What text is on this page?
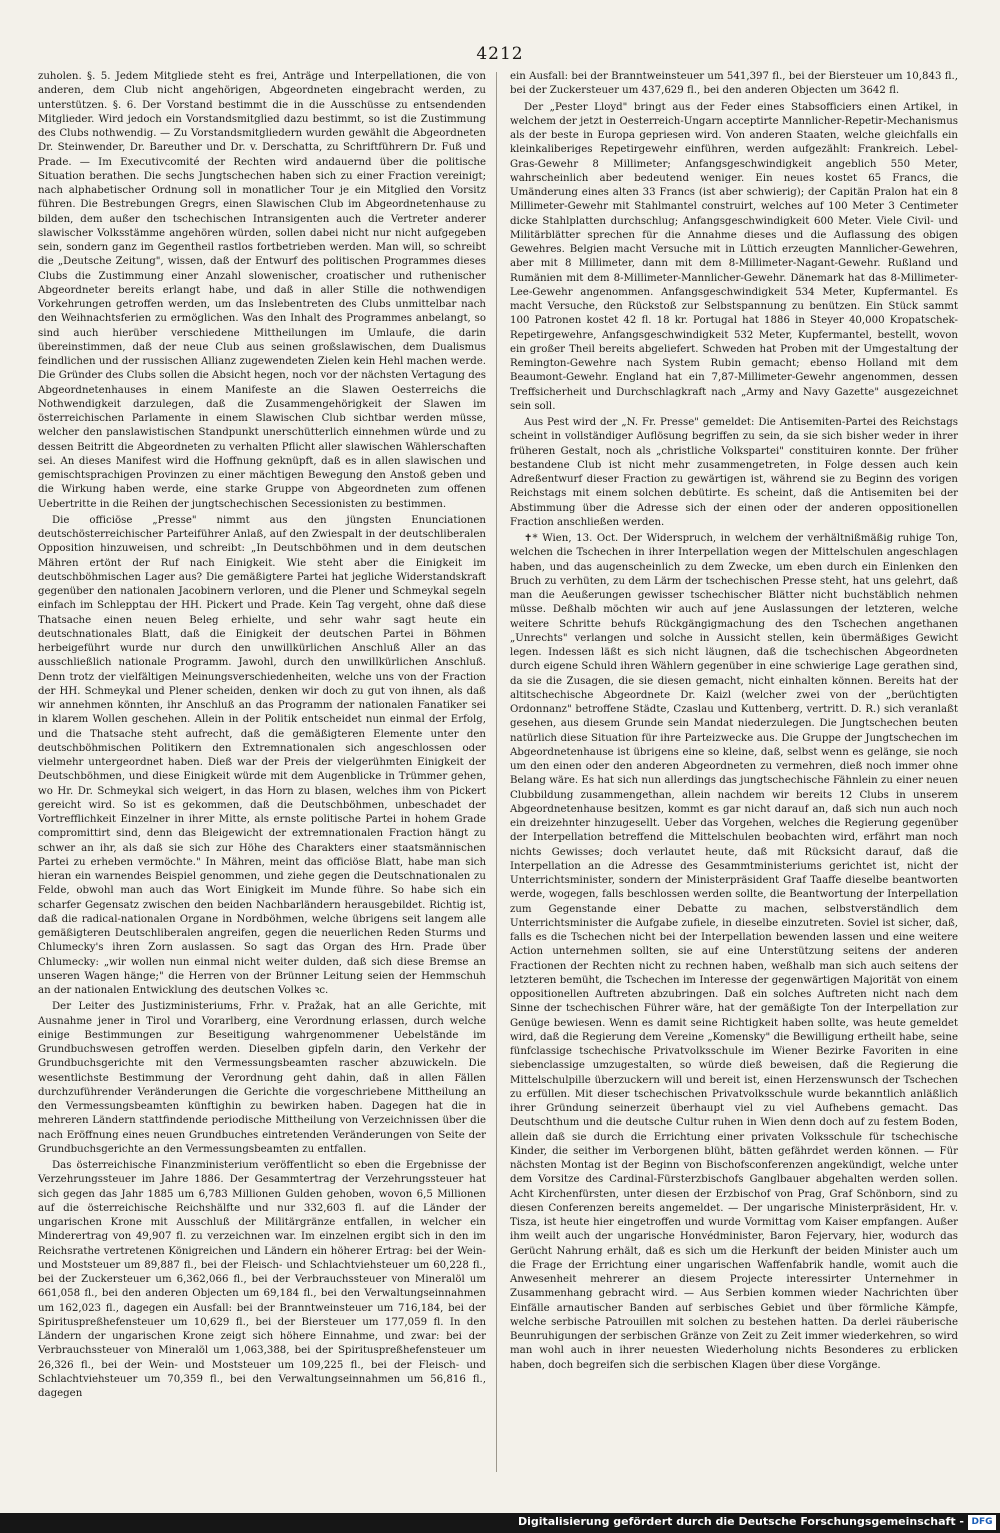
4212

zuholen. §. 5. Jedem Mitgliede steht es frei, Anträge und Interpellationen, die von anderen, dem Club nicht angehörigen, Abgeordneten eingebracht werden, zu unterstützen. §. 6. Der Vorstand bestimmt die in die Ausschüsse zu entsendenden Mitglieder. Wird jedoch ein Vorstandsmitglied dazu bestimmt, so ist die Zustimmung des Clubs nothwendig. — Zu Vorstandsmitgliedern wurden gewählt die Abgeordneten Dr. Steinwender, Dr. Bareuther und Dr. v. Derschatta, zu Schriftführern Dr. Fuß und Prade. — Im Executivcomité der Rechten wird andauernd über die politische Situation berathen. Die sechs Jungtschechen haben sich zu einer Fraction vereinigt; nach alphabetischer Ordnung soll in monatlicher Tour je ein Mitglied den Vorsitz führen. Die Bestrebungen Gregrs, einen Slawischen Club im Abgeordnetenhause zu bilden, dem außer den tschechischen Intransigenten auch die Vertreter anderer slawischer Volksstämme angehören würden, sollen dabei nicht nur nicht aufgegeben sein, sondern ganz im Gegentheil rastlos fortbetrieben werden. Man will, so schreibt die „Deutsche Zeitung", wissen, daß der Entwurf des politischen Programmes dieses Clubs die Zustimmung einer Anzahl slowenischer, croatischer und ruthenischer Abgeordneter bereits erlangt habe, und daß in aller Stille die nothwendigen Vorkehrungen getroffen werden, um das Inslebentreten des Clubs unmittelbar nach den Weihnachtsferien zu ermöglichen. Was den Inhalt des Programmes anbelangt, so sind auch hierüber verschiedene Mittheilungen im Umlaufe, die darin übereinstimmen, daß der neue Club aus seinen großslawischen, dem Dualismus feindlichen und der russischen Allianz zugewendeten Zielen kein Hehl machen werde. Die Gründer des Clubs sollen die Absicht hegen, noch vor der nächsten Vertagung des Abgeordnetenhauses in einem Manifeste an die Slawen Oesterreichs die Nothwendigkeit darzulegen, daß die Zusammengehörigkeit der Slawen im österreichischen Parlamente in einem Slawischen Club sichtbar werden müsse, welcher den panslawistischen Standpunkt unerschütterlich einnehmen würde und zu dessen Beitritt die Abgeordneten zu verhalten Pflicht aller slawischen Wählerschaften sei. An dieses Manifest wird die Hoffnung geknüpft, daß es in allen slawischen und gemischtsprachigen Provinzen zu einer mächtigen Bewegung den Anstoß geben und die Wirkung haben werde, eine starke Gruppe von Abgeordneten zum offenen Uebertritte in die Reihen der jungtschechischen Secessionisten zu bestimmen.

Die officiöse „Presse" nimmt aus den jüngsten Enunciationen deutschösterreichischer Parteiführer Anlaß, auf den Zwiespalt in der deutschliberalen Opposition hinzuweisen, und schreibt: „In Deutschböhmen und in dem deutschen Mähren ertönt der Ruf nach Einigkeit. Wie steht aber die Einigkeit im deutschböhmischen Lager aus? Die gemäßigtere Partei hat jegliche Widerstandskraft gegenüber den nationalen Jacobinern verloren, und die Plener und Schmeykal segeln einfach im Schlepptau der HH. Pickert und Prade. Kein Tag vergeht, ohne daß diese Thatsache einen neuen Beleg erhielte, und sehr wahr sagt heute ein deutschnationales Blatt, daß die Einigkeit der deutschen Partei in Böhmen herbeigeführt wurde nur durch den unwillkürlichen Anschluß Aller an das ausschließlich nationale Programm. Jawohl, durch den unwillkürlichen Anschluß. Denn trotz der vielfältigen Meinungsverschiedenheiten, welche uns von der Fraction der HH. Schmeykal und Plener scheiden, denken wir doch zu gut von ihnen, als daß wir annehmen könnten, ihr Anschluß an das Programm der nationalen Fanatiker sei in klarem Wollen geschehen. Allein in der Politik entscheidet nun einmal der Erfolg, und die Thatsache steht aufrecht, daß die gemäßigteren Elemente unter den deutschböhmischen Politikern den Extremnationalen sich angeschlossen oder vielmehr untergeordnet haben. Dieß war der Preis der vielgerühmten Einigkeit der Deutschböhmen, und diese Einigkeit würde mit dem Augenblicke in Trümmer gehen, wo Hr. Dr. Schmeykal sich weigert, in das Horn zu blasen, welches ihm von Pickert gereicht wird. So ist es gekommen, daß die Deutschböhmen, unbeschadet der Vortrefflichkeit Einzelner in ihrer Mitte, als ernste politische Partei in hohem Grade compromittirt sind, denn das Bleigewicht der extremnationalen Fraction hängt zu schwer an ihr, als daß sie sich zur Höhe des Charakters einer staatsmännischen Partei zu erheben vermöchte." In Mähren, meint das officiöse Blatt, habe man sich hieran ein warnendes Beispiel genommen, und ziehe gegen die Deutschnationalen zu Felde, obwohl man auch das Wort Einigkeit im Munde führe. So habe sich ein scharfer Gegensatz zwischen den beiden Nachbarländern herausgebildet. Richtig ist, daß die radical-nationalen Organe in Nordböhmen, welche übrigens seit langem alle gemäßigteren Deutschliberalen angreifen, gegen die neuerlichen Reden Sturms und Chlumecky's ihren Zorn auslassen. So sagt das Organ des Hrn. Prade über Chlumecky: „wir wollen nun einmal nicht weiter dulden, daß sich diese Bremse an unseren Wagen hänge;" die Herren von der Brünner Leitung seien der Hemmschuh an der nationalen Entwicklung des deutschen Volkes ꝛc.

Der Leiter des Justizministeriums, Frhr. v. Pražak, hat an alle Gerichte, mit Ausnahme jener in Tirol und Vorarlberg, eine Verordnung erlassen, durch welche einige Bestimmungen zur Beseitigung wahrgenommener Uebelstände im Grundbuchswesen getroffen werden. Dieselben gipfeln darin, den Verkehr der Grundbuchsgerichte mit den Vermessungsbeamten rascher abzuwickeln. Die wesentlichste Bestimmung der Verordnung geht dahin, daß in allen Fällen durchzuführender Veränderungen die Gerichte die vorgeschriebene Mittheilung an den Vermessungsbeamten künftighin zu bewirken haben. Dagegen hat die in mehreren Ländern stattfindende periodische Mittheilung von Verzeichnissen über die nach Eröffnung eines neuen Grundbuches eintretenden Veränderungen von Seite der Grundbuchsgerichte an den Vermessungsbeamten zu entfallen.

Das österreichische Finanzministerium veröffentlicht so eben die Ergebnisse der Verzehrungssteuer im Jahre 1886. Der Gesammtertrag der Verzehrungssteuer hat sich gegen das Jahr 1885 um 6,783 Millionen Gulden gehoben, wovon 6,5 Millionen auf die österreichische Reichshälfte und nur 332,603 fl. auf die Länder der ungarischen Krone mit Ausschluß der Militärgränze entfallen, in welcher ein Minderertrag von 49,907 fl. zu verzeichnen war. Im einzelnen ergibt sich in den im Reichsrathe vertretenen Königreichen und Ländern ein höherer Ertrag: bei der Wein- und Moststeuer um 89,887 fl., bei der Fleisch- und Schlachtviehsteuer um 60,228 fl., bei der Zuckersteuer um 6,362,066 fl., bei der Verbrauchssteuer von Mineralöl um 661,058 fl., bei den anderen Objecten um 69,184 fl., bei den Verwaltungseinnahmen um 162,023 fl., dagegen ein Ausfall: bei der Branntweinsteuer um 716,184, bei der Spirituspreßhefensteuer um 10,629 fl., bei der Biersteuer um 177,059 fl. In den Ländern der ungarischen Krone zeigt sich höhere Einnahme, und zwar: bei der Verbrauchssteuer von Mineralöl um 1,063,388, bei der Spirituspreßhefensteuer um 26,326 fl., bei der Wein- und Moststeuer um 109,225 fl., bei der Fleisch- und Schlachtviehsteuer um 70,359 fl., bei den Verwaltungseinnahmen um 56,816 fl., dagegen

ein Ausfall: bei der Branntweinsteuer um 541,397 fl., bei der Biersteuer um 10,843 fl., bei der Zuckersteuer um 437,629 fl., bei den anderen Objecten um 3642 fl.

Der „Pester Lloyd" bringt aus der Feder eines Stabsofficiers einen Artikel, in welchem der jetzt in Oesterreich-Ungarn acceptirte Mannlicher-Repetir-Mechanismus als der beste in Europa gepriesen wird. Von anderen Staaten, welche gleichfalls ein kleinkaliberiges Repetirgewehr einführen, werden aufgezählt: Frankreich. Lebel-Gras-Gewehr 8 Millimeter; Anfangsgeschwindigkeit angeblich 550 Meter, wahrscheinlich aber bedeutend weniger. Ein neues kostet 65 Francs, die Umänderung eines alten 33 Francs (ist aber schwierig); der Capitän Pralon hat ein 8 Millimeter-Gewehr mit Stahlmantel construirt, welches auf 100 Meter 3 Centimeter dicke Stahlplatten durchschlug; Anfangsgeschwindigkeit 600 Meter. Viele Civil- und Militärblätter sprechen für die Annahme dieses und die Auflassung des obigen Gewehres. Belgien macht Versuche mit in Lüttich erzeugten Mannlicher-Gewehren, aber mit 8 Millimeter, dann mit dem 8-Millimeter-Nagant-Gewehr. Rußland und Rumänien mit dem 8-Millimeter-Mannlicher-Gewehr. Dänemark hat das 8-Millimeter-Lee-Gewehr angenommen. Anfangsgeschwindigkeit 534 Meter, Kupfermantel. Es macht Versuche, den Rückstoß zur Selbstspannung zu benützen. Ein Stück sammt 100 Patronen kostet 42 fl. 18 kr. Portugal hat 1886 in Steyer 40,000 Kropatschek-Repetirgewehre, Anfangsgeschwindigkeit 532 Meter, Kupfermantel, bestellt, wovon ein großer Theil bereits abgeliefert. Schweden hat Proben mit der Umgestaltung der Remington-Gewehre nach System Rubin gemacht; ebenso Holland mit dem Beaumont-Gewehr. England hat ein 7,87-Millimeter-Gewehr angenommen, dessen Treffsicherheit und Durchschlagkraft nach „Army and Navy Gazette" ausgezeichnet sein soll.

Aus Pest wird der „N. Fr. Presse" gemeldet: Die Antisemiten-Partei des Reichstags scheint in vollständiger Auflösung begriffen zu sein, da sie sich bisher weder in ihrer früheren Gestalt, noch als „christliche Volkspartei" constituiren konnte. Der früher bestandene Club ist nicht mehr zusammengetreten, in Folge dessen auch kein Adreßentwurf dieser Fraction zu gewärtigen ist, während sie zu Beginn des vorigen Reichstags mit einem solchen debütirte. Es scheint, daß die Antisemiten bei der Abstimmung über die Adresse sich der einen oder der anderen oppositionellen Fraction anschließen werden.

✝* Wien, 13. Oct. Der Widerspruch, in welchem der verhältnißmäßig ruhige Ton, welchen die Tschechen in ihrer Interpellation wegen der Mittelschulen angeschlagen haben, und das augenscheinlich zu dem Zwecke, um eben durch ein Einlenken den Bruch zu verhüten, zu dem Lärm der tschechischen Presse steht, hat uns gelehrt, daß man die Aeußerungen gewisser tschechischer Blätter nicht buchstäblich nehmen müsse. Deßhalb möchten wir auch auf jene Auslassungen der letzteren, welche weitere Schritte behufs Rückgängigmachung des den Tschechen angethanen „Unrechts" verlangen und solche in Aussicht stellen, kein übermäßiges Gewicht legen. Indessen läßt es sich nicht läugnen, daß die tschechischen Abgeordneten durch eigene Schuld ihren Wählern gegenüber in eine schwierige Lage gerathen sind, da sie die Zusagen, die sie diesen gemacht, nicht einhalten können. Bereits hat der altitschechische Abgeordnete Dr. Kaizl (welcher zwei von der „berüchtigten Ordonnanz" betroffene Städte, Czaslau und Kuttenberg, vertritt. D. R.) sich veranlaßt gesehen, aus diesem Grunde sein Mandat niederzulegen. Die Jungtschechen beuten natürlich diese Situation für ihre Parteizwecke aus. Die Gruppe der Jungtschechen im Abgeordnetenhause ist übrigens eine so kleine, daß, selbst wenn es gelänge, sie noch um den einen oder den anderen Abgeordneten zu vermehren, dieß noch immer ohne Belang wäre. Es hat sich nun allerdings das jungtschechische Fähnlein zu einer neuen Clubbildung zusammengethan, allein nachdem wir bereits 12 Clubs in unserem Abgeordnetenhause besitzen, kommt es gar nicht darauf an, daß sich nun auch noch ein dreizehnter hinzugesellt. Ueber das Vorgehen, welches die Regierung gegenüber der Interpellation betreffend die Mittelschulen beobachten wird, erfährt man noch nichts Gewisses; doch verlautet heute, daß mit Rücksicht darauf, daß die Interpellation an die Adresse des Gesammtministeriums gerichtet ist, nicht der Unterrichtsminister, sondern der Ministerpräsident Graf Taaffe dieselbe beantworten werde, wogegen, falls beschlossen werden sollte, die Beantwortung der Interpellation zum Gegenstande einer Debatte zu machen, selbstverständlich dem Unterrichtsminister die Aufgabe zufiele, in dieselbe einzutreten. Soviel ist sicher, daß, falls es die Tschechen nicht bei der Interpellation bewenden lassen und eine weitere Action unternehmen sollten, sie auf eine Unterstützung seitens der anderen Fractionen der Rechten nicht zu rechnen haben, weßhalb man sich auch seitens der letzteren bemüht, die Tschechen im Interesse der gegenwärtigen Majorität von einem oppositionellen Auftreten abzubringen. Daß ein solches Auftreten nicht nach dem Sinne der tschechischen Führer wäre, hat der gemäßigte Ton der Interpellation zur Genüge bewiesen. Wenn es damit seine Richtigkeit haben sollte, was heute gemeldet wird, daß die Regierung dem Vereine „Komensky" die Bewilligung ertheilt habe, seine fünfclassige tschechische Privatvolksschule im Wiener Bezirke Favoriten in eine siebenclassige umzugestalten, so würde dieß beweisen, daß die Regierung die Mittelschulpille überzuckern will und bereit ist, einen Herzenswunsch der Tschechen zu erfüllen. Mit dieser tschechischen Privatvolksschule wurde bekanntlich anläßlich ihrer Gründung seinerzeit überhaupt viel zu viel Aufhebens gemacht. Das Deutschthum und die deutsche Cultur ruhen in Wien denn doch auf zu festem Boden, allein daß sie durch die Errichtung einer privaten Volksschule für tschechische Kinder, die seither im Verborgenen blüht, bätten gefährdet werden können. — Für nächsten Montag ist der Beginn von Bischofsconferenzen angekündigt, welche unter dem Vorsitze des Cardinal-Fürsterzbischofs Ganglbauer abgehalten werden sollen. Acht Kirchenfürsten, unter diesen der Erzbischof von Prag, Graf Schönborn, sind zu diesen Conferenzen bereits angemeldet. — Der ungarische Ministerpräsident, Hr. v. Tisza, ist heute hier eingetroffen und wurde Vormittag vom Kaiser empfangen. Außer ihm weilt auch der ungarische Honvédminister, Baron Fejervary, hier, wodurch das Gerücht Nahrung erhält, daß es sich um die Herkunft der beiden Minister auch um die Frage der Errichtung einer ungarischen Waffenfabrik handle, womit auch die Anwesenheit mehrerer an diesem Projecte interessirter Unternehmer in Zusammenhang gebracht wird. — Aus Serbien kommen wieder Nachrichten über Einfälle arnautischer Banden auf serbisches Gebiet und über förmliche Kämpfe, welche serbische Patrouillen mit solchen zu bestehen hatten. Da derlei räuberische Beunruhigungen der serbischen Gränze von Zeit zu Zeit immer wiederkehren, so wird man wohl auch in ihrer neuesten Wiederholung nichts Besonderes zu erblicken haben, doch begreifen sich die serbischen Klagen über diese Vorgänge.

Digitalisierung gefördert durch die Deutsche Forschungsgemeinschaft - DFG
